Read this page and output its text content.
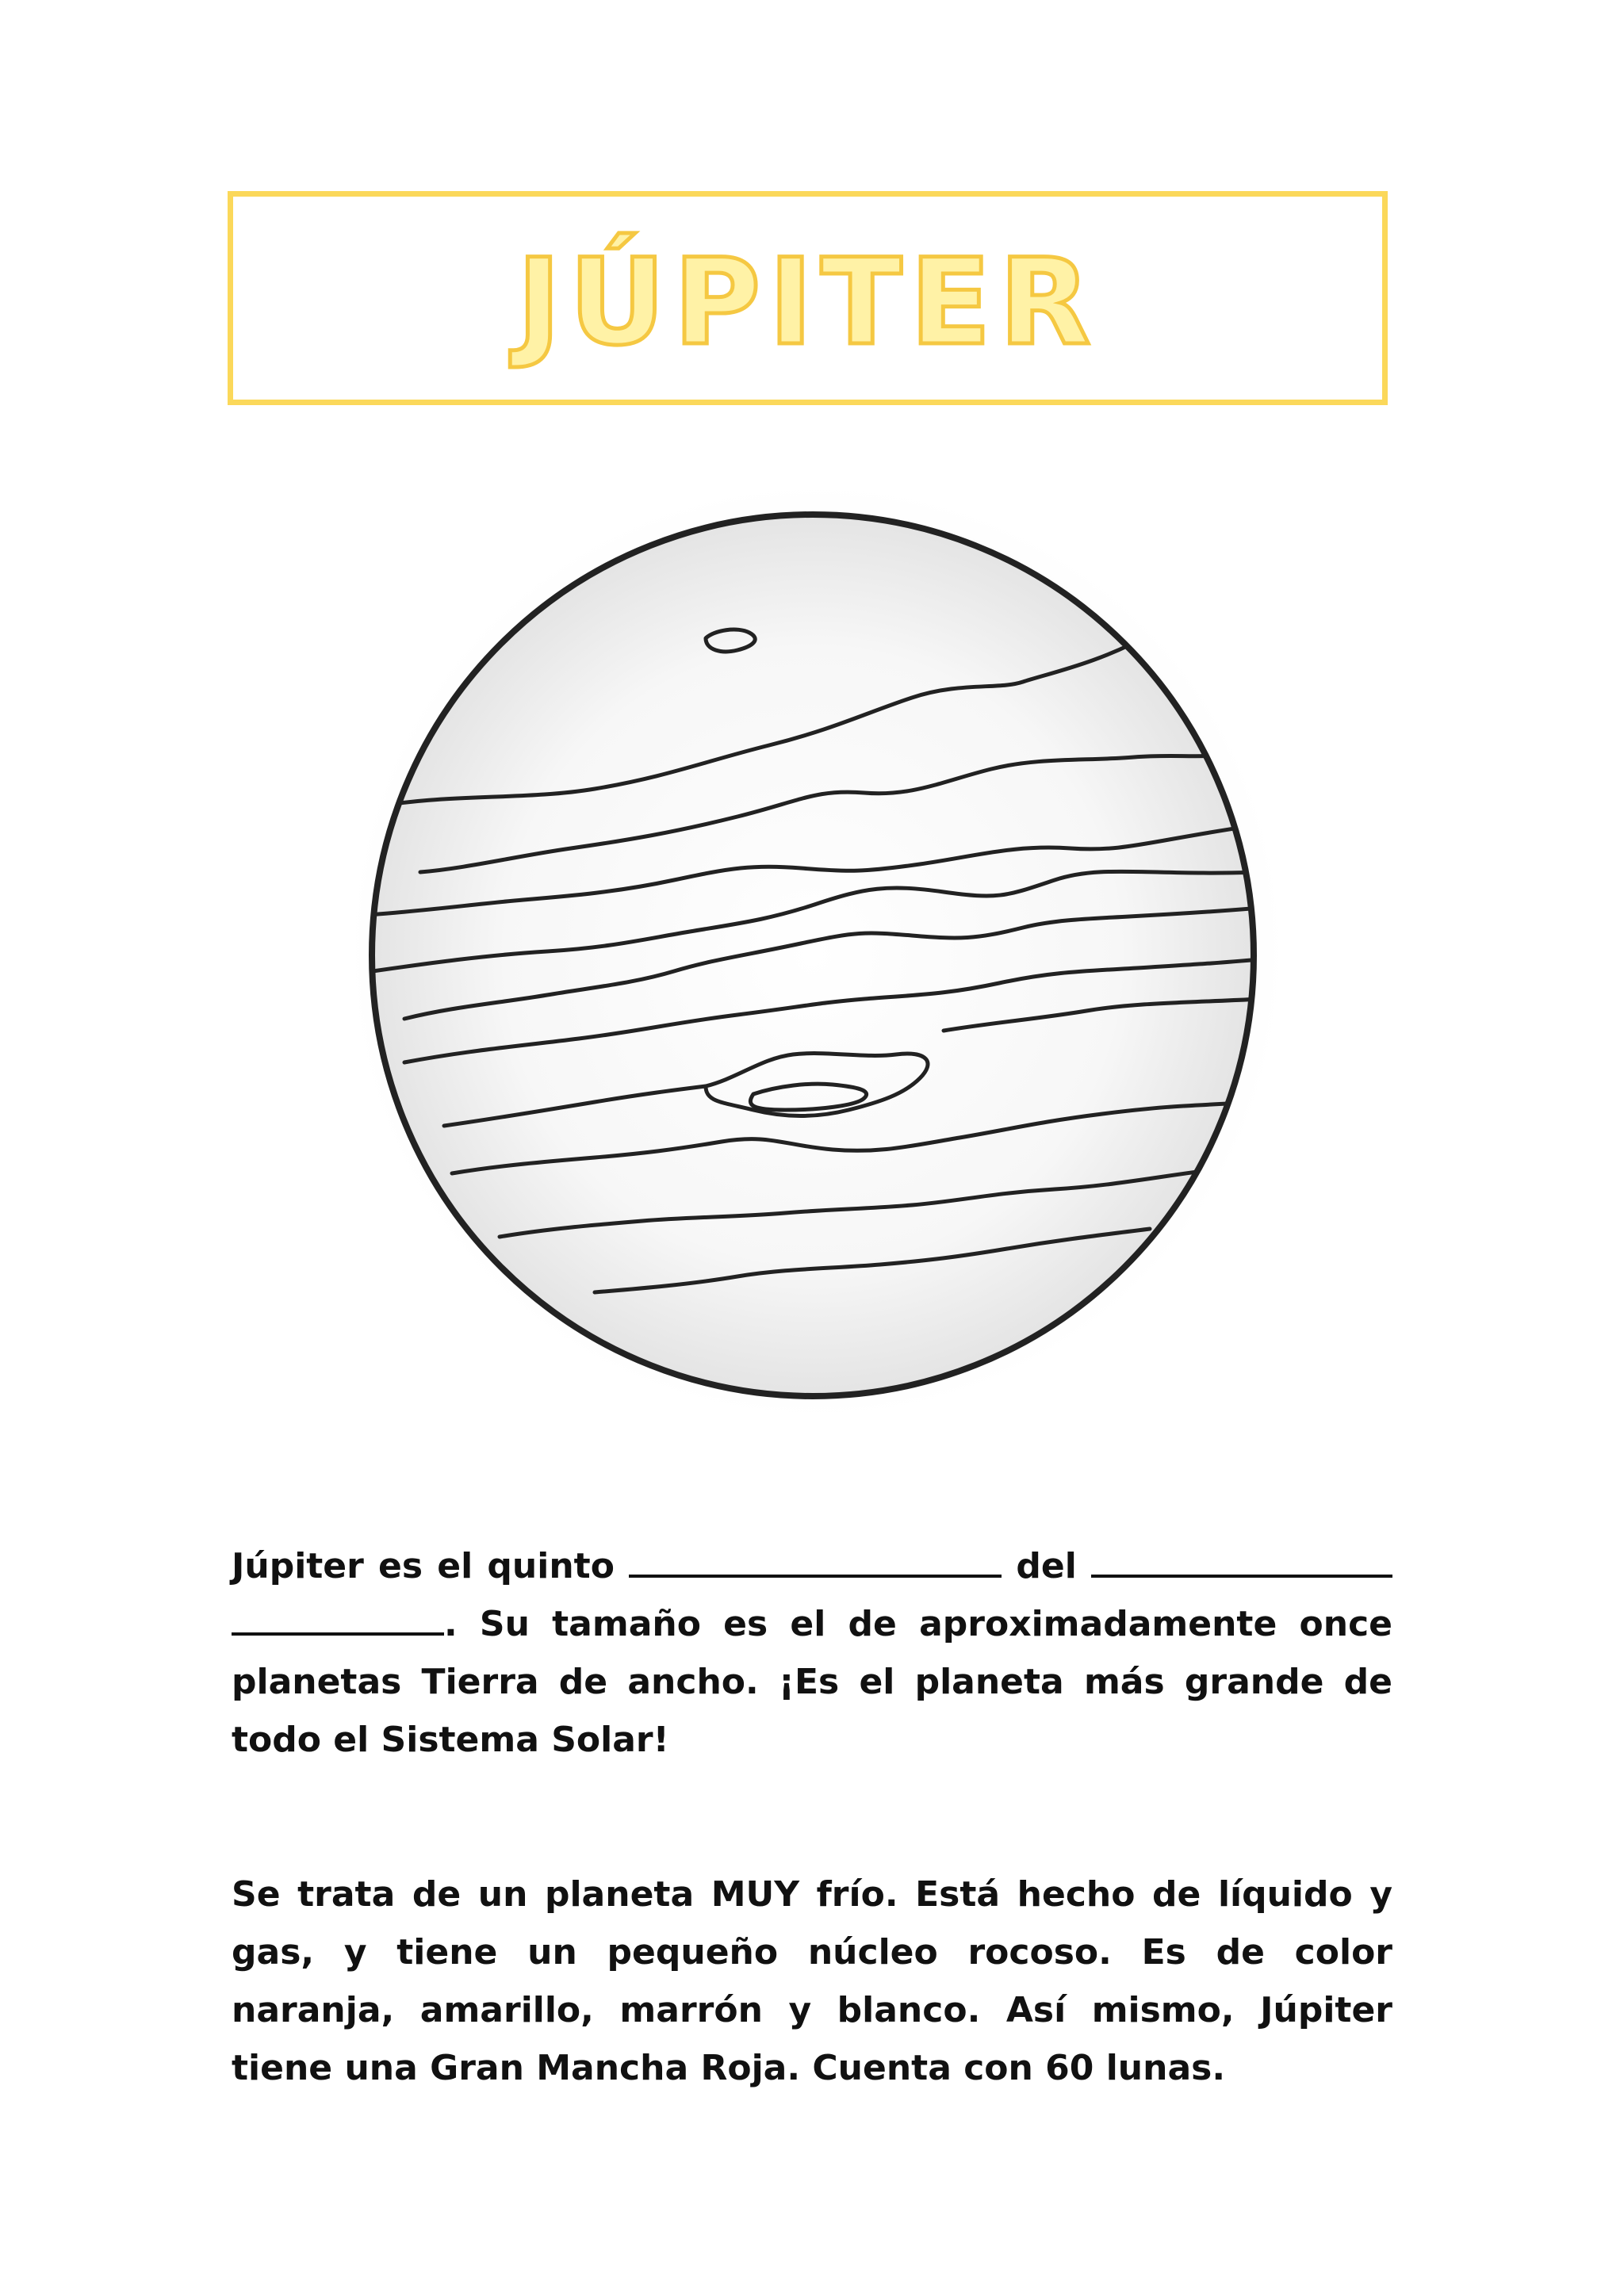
JÚPITER

Júpiter es el quinto	del  . Su tamaño es el de aproximadamente once planetas Tierra de ancho. ¡Es el planeta más grande de todo el Sistema Solar!

Se trata de un planeta MUY frío. Está hecho de líquido y gas, y tiene un pequeño núcleo rocoso. Es de color naranja, amarillo, marrón y blanco. Así mismo, Júpiter tiene una Gran Mancha Roja. Cuenta con 60 lunas.
